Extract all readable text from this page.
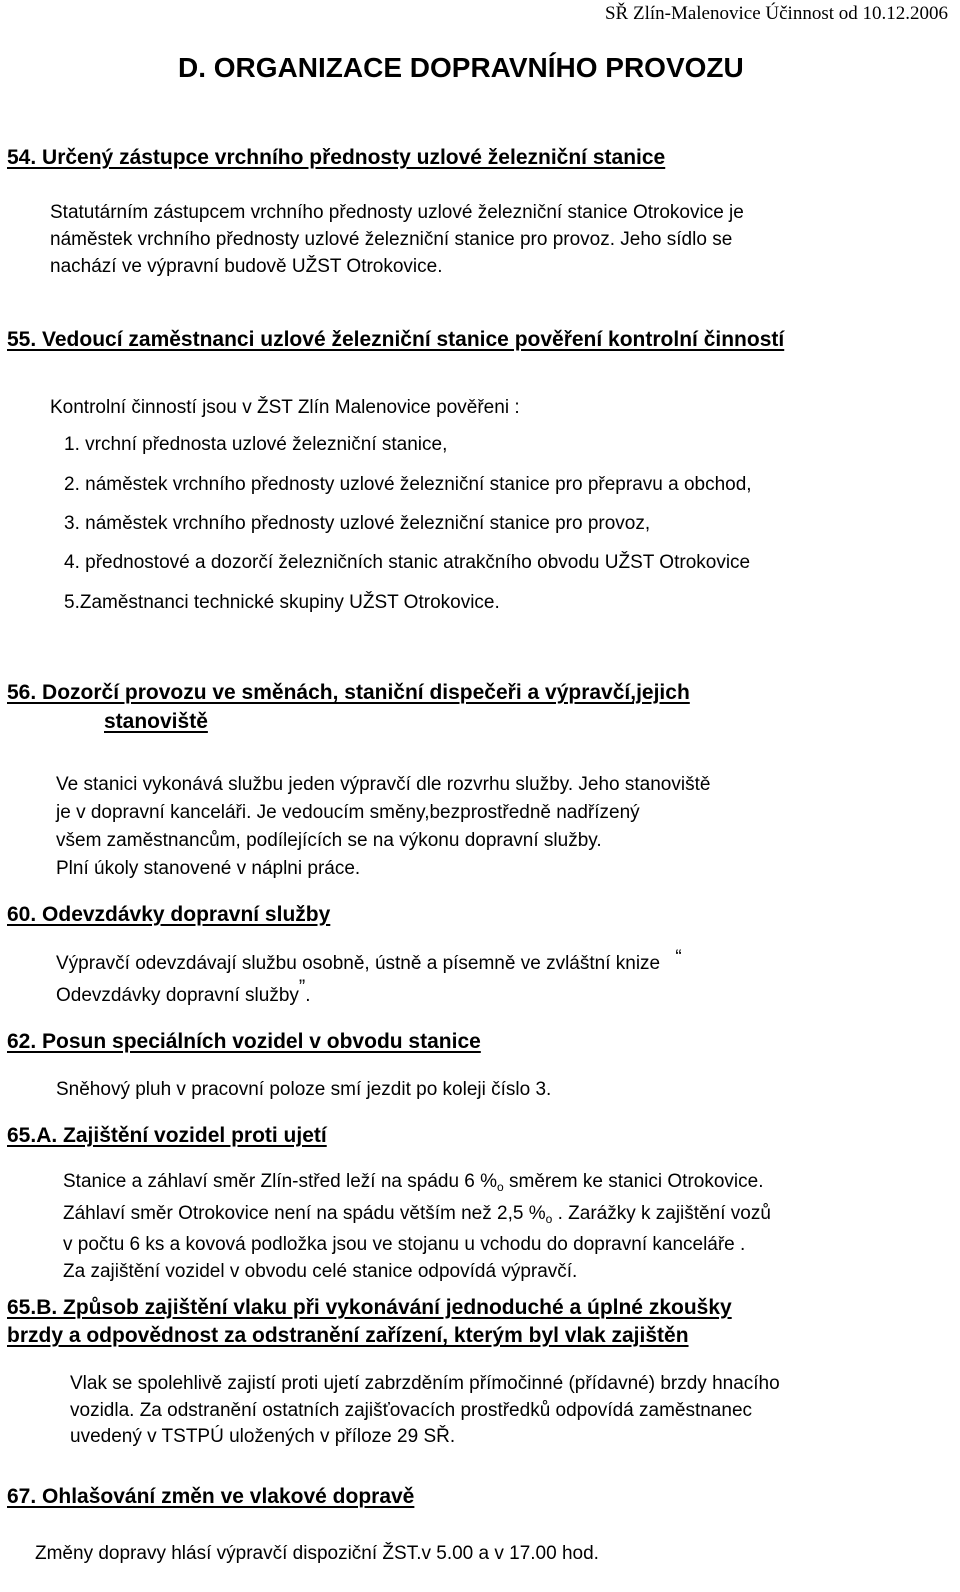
SŘ Zlín-Malenovice Účinnost od 10.12.2006
D. ORGANIZACE DOPRAVNÍHO PROVOZU
54. Určený zástupce vrchního přednosty uzlové železniční stanice
Statutárním zástupcem vrchního přednosty uzlové železniční stanice Otrokovice je
náměstek vrchního přednosty uzlové železniční stanice pro provoz. Jeho sídlo se
nachází ve výpravní budově UŽST Otrokovice.
55. Vedoucí zaměstnanci uzlové železniční stanice pověření kontrolní činností
Kontrolní činností jsou v ŽST Zlín Malenovice pověřeni :
1. vrchní přednosta uzlové železniční stanice,
2. náměstek vrchního přednosty uzlové železniční stanice pro přepravu a obchod,
3. náměstek vrchního přednosty uzlové železniční stanice pro provoz,
4. přednostové a dozorčí železničních stanic atrakčního obvodu UŽST Otrokovice
5.Zaměstnanci technické skupiny UŽST Otrokovice.
56. Dozorčí provozu ve směnách, staniční dispečeři a výpravčí,jejich
stanoviště
Ve stanici vykonává službu jeden výpravčí dle rozvrhu služby. Jeho stanoviště
je v dopravní kanceláři. Je vedoucím směny,bezprostředně nadřízený
všem zaměstnancům, podílejících se na výkonu dopravní služby.
Plní úkoly stanovené v náplni práce.
60. Odevzdávky dopravní služby
Výpravčí odevzdávají službu osobně, ústně a písemně ve zvláštní knize “
Odevzdávky dopravní služby”.
62. Posun speciálních vozidel v obvodu stanice
Sněhový pluh v pracovní poloze smí jezdit po koleji číslo 3.
65.A. Zajištění vozidel proti ujetí
Stanice a záhlaví směr Zlín-střed leží na spádu 6 $\%_o$ směrem ke stanici Otrokovice.
Záhlaví směr Otrokovice není na spádu větším než 2,5 $\%_o$ . Zarážky k zajištění vozů
v počtu 6 ks a kovová podložka jsou ve stojanu u vchodu do dopravní kanceláře .
Za zajištění vozidel v obvodu celé stanice odpovídá výpravčí.
65.B. Způsob zajištění vlaku při vykonávání jednoduché a úplné zkoušky
brzdy a odpovědnost za odstranění zařízení, kterým byl vlak zajištěn
Vlak se spolehlivě zajistí proti ujetí zabrzděním přímočinné (přídavné) brzdy hnacího
vozidla. Za odstranění ostatních zajišťovacích prostředků odpovídá zaměstnanec
uvedený v TSTPÚ uložených v příloze 29 SŘ.
67. Ohlašování změn ve vlakové dopravě
Změny dopravy hlásí výpravčí dispoziční ŽST.v 5.00 a v 17.00 hod.
